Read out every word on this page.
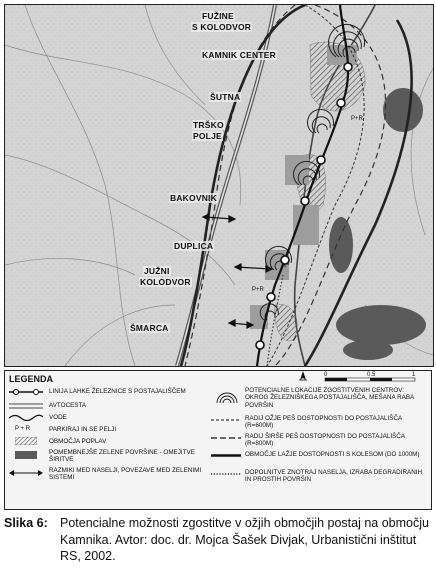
P+R
P+R
FUŽINE
S KOLODVOR
KAMNIK CENTER
ŠUTNA
TRŠKO
POLJE
BAKOVNIK
DUPLICA
JUŽNI
KOLODVOR
ŠMARCA
LEGENDA	0	0.5	1
LINIJA LAHKE ŽELEZNICE S POSTAJALIŠČEM
AVTOCESTA
VODE
P + R	PARKIRAJ IN SE PELJI
OBMOČJA POPLAV
POMEMBNEJŠE ZELENE POVRŠINE - OMEJITVE ŠIRITVE
RAZMIKI MED NASELJI, POVEZAVE MED ZELENIMI SISTEMI
POTENCIALNE LOKACIJE ZGOSTITVENIH CENTROV: OKROG ŽELEZNIŠKEGA POSTAJALIŠČA, MEŠANA RABA POVRŠIN
RADIJ OŽJE PEŠ DOSTOPNOSTI DO POSTAJALIŠČA (R=600M)
RADIJ ŠIRŠE PEŠ DOSTOPNOSTI DO POSTAJALIŠČA (R=800M)
OBMOČJE LAŽJE DOSTOPNOSTI S KOLESOM (DO 1000M)
DOPOLNITVE ZNOTRAJ NASELJA, IZRABA DEGRADIRANIH IN PROSTIH POVRŠIN
Slika 6: Potencialne možnosti zgostitve v ožjih območjih postaj na območju Kamnika. Avtor: doc. dr. Mojca Šašek Divjak, Urbanistični inštitut RS, 2002.
